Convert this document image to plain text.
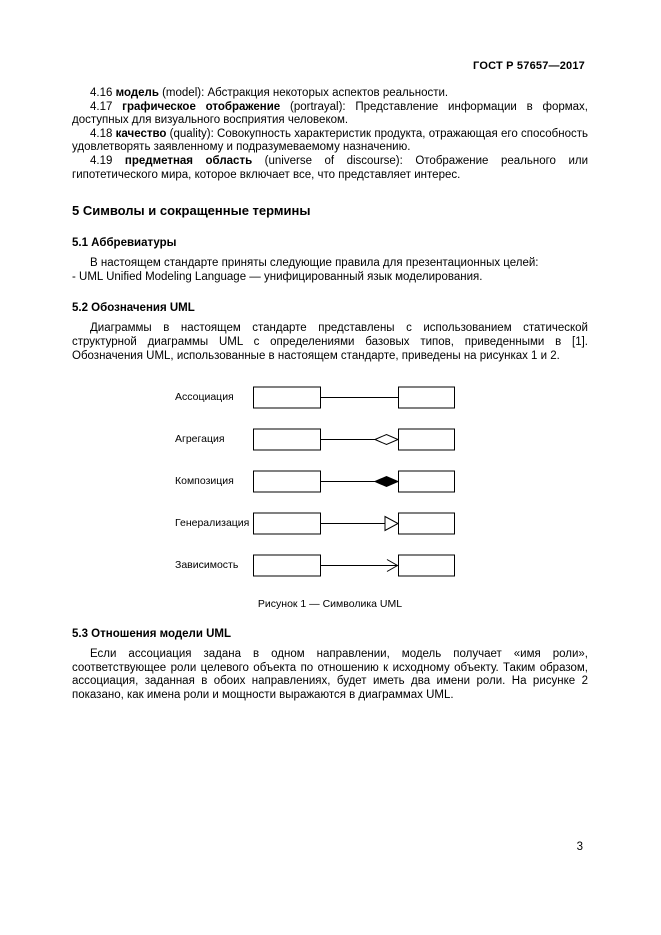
ГОСТ Р 57657—2017

4.16 модель (model): Абстракция некоторых аспектов реальности.

4.17 графическое отображение (portrayal): Представление информации в формах, доступных для визуального восприятия человеком.

4.18 качество (quality): Совокупность характеристик продукта, отражающая его способность удовлетворять заявленному и подразумеваемому назначению.

4.19 предметная область (universe of discourse): Отображение реального или гипотетического мира, которое включает все, что представляет интерес.

5 Символы и сокращенные термины
5.1 Аббревиатуры

В настоящем стандарте приняты следующие правила для презентационных целей:

- UML Unified Modeling Language — унифицированный язык моделирования.

5.2 Обозначения UML

Диаграммы в настоящем стандарте представлены с использованием статической структурной диаграммы UML с определениями базовых типов, приведенными в [1]. Обозначения UML, использованные в настоящем стандарте, приведены на рисунках 1 и 2.

Ассоциация
Агрегация
Композиция
Генерализация
Зависимость
Рисунок 1 — Символика UML
5.3 Отношения модели UML

Если ассоциация задана в одном направлении, модель получает «имя роли», соответствующее роли целевого объекта по отношению к исходному объекту. Таким образом, ассоциация, заданная в обоих направлениях, будет иметь два имени роли. На рисунке 2 показано, как имена роли и мощности выражаются в диаграммах UML.

3
